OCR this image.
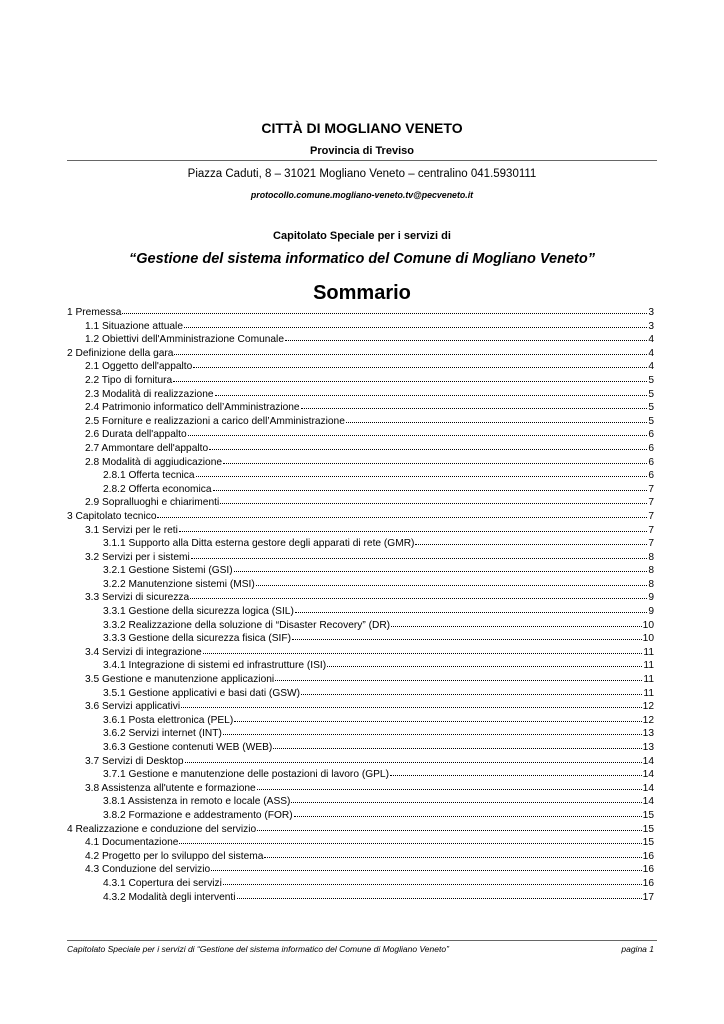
CITTÀ DI MOGLIANO VENETO
Provincia di Treviso
Piazza Caduti, 8 – 31021 Mogliano Veneto – centralino 041.5930111
protocollo.comune.mogliano-veneto.tv@pecveneto.it
Capitolato Speciale per i servizi di
“Gestione del sistema informatico del Comune di Mogliano Veneto”
Sommario
1 Premessa	3
1.1 Situazione attuale	3
1.2 Obiettivi dell'Amministrazione Comunale	4
2 Definizione della gara	4
2.1 Oggetto dell'appalto	4
2.2 Tipo di fornitura	5
2.3 Modalità di realizzazione	5
2.4 Patrimonio informatico dell’Amministrazione	5
2.5 Forniture e realizzazioni a carico dell’Amministrazione	5
2.6 Durata dell'appalto	6
2.7 Ammontare dell'appalto	6
2.8 Modalità di aggiudicazione	6
2.8.1 Offerta tecnica	6
2.8.2 Offerta economica	7
2.9 Sopralluoghi e chiarimenti	7
3 Capitolato tecnico	7
3.1 Servizi per le reti	7
3.1.1 Supporto alla Ditta esterna gestore degli apparati di rete (GMR)	7
3.2 Servizi per i sistemi	8
3.2.1 Gestione Sistemi (GSI)	8
3.2.2 Manutenzione sistemi (MSI)	8
3.3 Servizi di sicurezza	9
3.3.1 Gestione della sicurezza logica (SIL)	9
3.3.2 Realizzazione della soluzione di “Disaster Recovery” (DR)	10
3.3.3 Gestione della sicurezza fisica (SIF)	10
3.4 Servizi di integrazione	11
3.4.1 Integrazione di sistemi ed infrastrutture (ISI)	11
3.5 Gestione e manutenzione applicazioni	11
3.5.1 Gestione applicativi e basi dati (GSW)	11
3.6 Servizi applicativi	12
3.6.1 Posta elettronica (PEL)	12
3.6.2 Servizi internet (INT)	13
3.6.3 Gestione contenuti WEB (WEB)	13
3.7 Servizi di Desktop	14
3.7.1 Gestione e manutenzione delle postazioni di lavoro (GPL)	14
3.8 Assistenza all'utente e formazione	14
3.8.1 Assistenza in remoto e locale (ASS)	14
3.8.2 Formazione e addestramento (FOR)	15
4 Realizzazione e conduzione del servizio	15
4.1 Documentazione	15
4.2 Progetto per lo sviluppo del sistema	16
4.3 Conduzione del servizio	16
4.3.1 Copertura dei servizi	16
4.3.2 Modalità degli interventi	17
Capitolato Speciale per i servizi di “Gestione del sistema informatico del Comune di Mogliano Veneto”	pagina 1
